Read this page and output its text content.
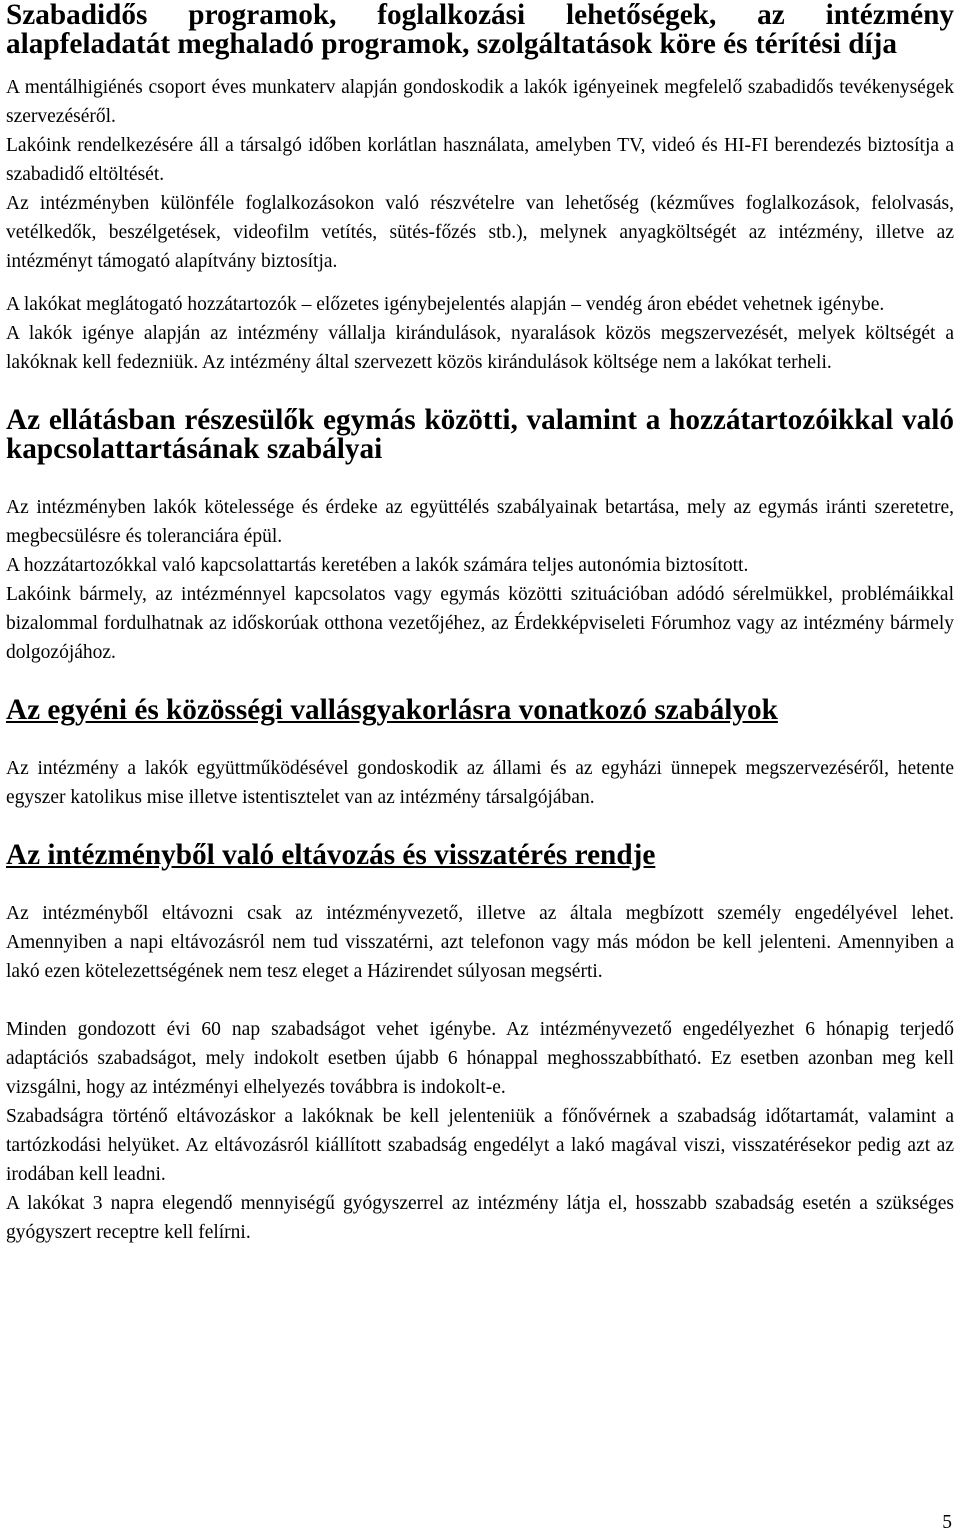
Szabadidős programok, foglalkozási lehetőségek, az intézmény alapfeladatát meghaladó programok, szolgáltatások köre és térítési díja

A mentálhigiénés csoport éves munkaterv alapján gondoskodik a lakók igényeinek megfelelő szabadidős tevékenységek szervezéséről.

Lakóink rendelkezésére áll a társalgó időben korlátlan használata, amelyben TV, videó és HI-FI berendezés biztosítja a szabadidő eltöltését.

Az intézményben különféle foglalkozásokon való részvételre van lehetőség (kézműves foglalkozások, felolvasás, vetélkedők, beszélgetések, videofilm vetítés, sütés-főzés stb.), melynek anyagköltségét az intézmény, illetve az intézményt támogató alapítvány biztosítja.

A lakókat meglátogató hozzátartozók – előzetes igénybejelentés alapján – vendég áron ebédet vehetnek igénybe.

A lakók igénye alapján az intézmény vállalja kirándulások, nyaralások közös megszervezését, melyek költségét a lakóknak kell fedezniük. Az intézmény által szervezett közös kirándulások költsége nem a lakókat terheli.

Az ellátásban részesülők egymás közötti, valamint a hozzátartozóikkal való kapcsolattartásának szabályai

Az intézményben lakók kötelessége és érdeke az együttélés szabályainak betartása, mely az egymás iránti szeretetre, megbecsülésre és toleranciára épül.

A hozzátartozókkal való kapcsolattartás keretében a lakók számára teljes autonómia biztosított.

Lakóink bármely, az intézménnyel kapcsolatos vagy egymás közötti szituációban adódó sérelmükkel, problémáikkal bizalommal fordulhatnak az időskorúak otthona vezetőjéhez, az Érdekképviseleti Fórumhoz vagy az intézmény bármely dolgozójához.

Az egyéni és közösségi vallásgyakorlásra vonatkozó szabályok

Az intézmény a lakók együttműködésével gondoskodik az állami és az egyházi ünnepek megszervezéséről, hetente egyszer katolikus mise illetve istentisztelet van az intézmény társalgójában.

Az intézményből való eltávozás és visszatérés rendje

Az intézményből eltávozni csak az intézményvezető, illetve az általa megbízott személy engedélyével lehet. Amennyiben a napi eltávozásról nem tud visszatérni, azt telefonon vagy más módon be kell jelenteni. Amennyiben a lakó ezen kötelezettségének nem tesz eleget a Házirendet súlyosan megsérti.

Minden gondozott évi 60 nap szabadságot vehet igénybe. Az intézményvezető engedélyezhet 6 hónapig terjedő adaptációs szabadságot, mely indokolt esetben újabb 6 hónappal meghosszabbítható. Ez esetben azonban meg kell vizsgálni, hogy az intézményi elhelyezés továbbra is indokolt-e.

Szabadságra történő eltávozáskor a lakóknak be kell jelenteniük a főnővérnek a szabadság időtartamát, valamint a tartózkodási helyüket. Az eltávozásról kiállított szabadság engedélyt a lakó magával viszi, visszatérésekor pedig azt az irodában kell leadni.

A lakókat 3 napra elegendő mennyiségű gyógyszerrel az intézmény látja el, hosszabb szabadság esetén a szükséges gyógyszert receptre kell felírni.

5
